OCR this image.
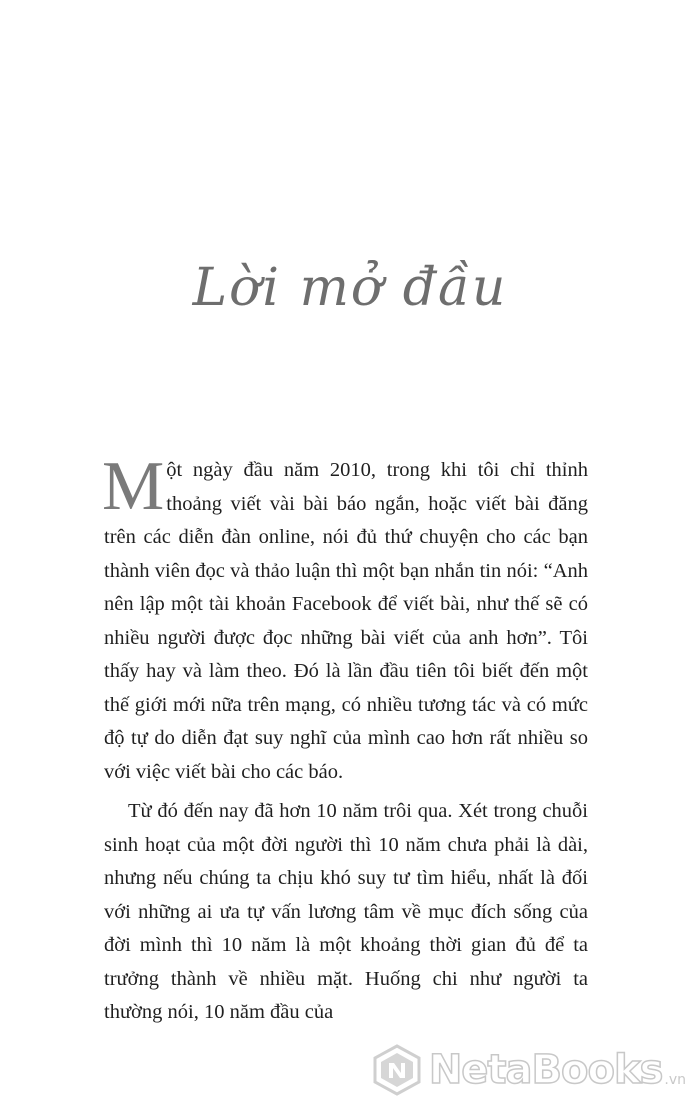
Lời mở đầu

Một ngày đầu năm 2010, trong khi tôi chỉ thỉnh thoảng viết vài bài báo ngắn, hoặc viết bài đăng trên các diễn đàn online, nói đủ thứ chuyện cho các bạn thành viên đọc và thảo luận thì một bạn nhắn tin nói: “Anh nên lập một tài khoản Facebook để viết bài, như thế sẽ có nhiều người được đọc những bài viết của anh hơn”. Tôi thấy hay và làm theo. Đó là lần đầu tiên tôi biết đến một thế giới mới nữa trên mạng, có nhiều tương tác và có mức độ tự do diễn đạt suy nghĩ của mình cao hơn rất nhiều so với việc viết bài cho các báo.

Từ đó đến nay đã hơn 10 năm trôi qua. Xét trong chuỗi sinh hoạt của một đời người thì 10 năm chưa phải là dài, nhưng nếu chúng ta chịu khó suy tư tìm hiểu, nhất là đối với những ai ưa tự vấn lương tâm về mục đích sống của đời mình thì 10 năm là một khoảng thời gian đủ để ta trưởng thành về nhiều mặt. Huống chi như người ta thường nói, 10 năm đầu của

NetaBooks .vn
